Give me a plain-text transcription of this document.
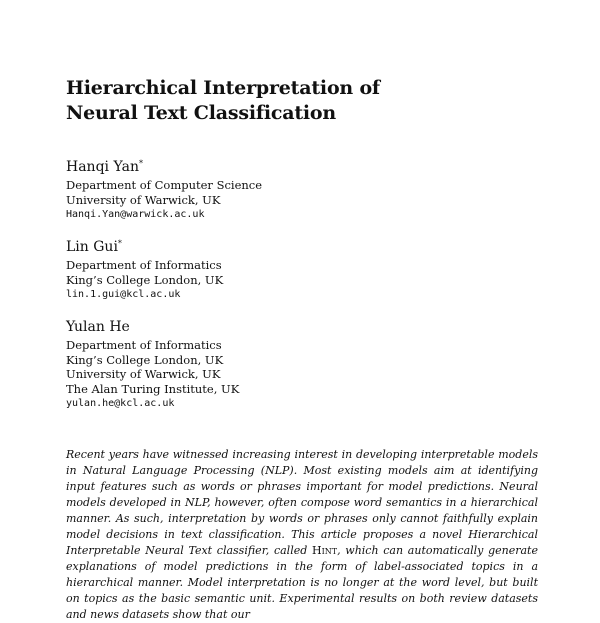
Hierarchical Interpretation of
Neural Text Classification
Hanqi Yan*
Department of Computer Science
University of Warwick, UK
Hanqi.Yan@warwick.ac.uk
Lin Gui*
Department of Informatics
King’s College London, UK
lin.1.gui@kcl.ac.uk
Yulan He
Department of Informatics
King’s College London, UK
University of Warwick, UK
The Alan Turing Institute, UK
yulan.he@kcl.ac.uk

Recent years have witnessed increasing interest in developing interpretable models in Natural Language Processing (NLP). Most existing models aim at identifying input features such as words or phrases important for model predictions. Neural models developed in NLP, however, often compose word semantics in a hierarchical manner. As such, interpretation by words or phrases only cannot faithfully explain model decisions in text classification. This article proposes a novel Hierarchical Interpretable Neural Text classifier, called Hint, which can automatically generate explanations of model predictions in the form of label-associated topics in a hierarchical manner. Model interpretation is no longer at the word level, but built on topics as the basic semantic unit. Experimental results on both review datasets and news datasets show that our
